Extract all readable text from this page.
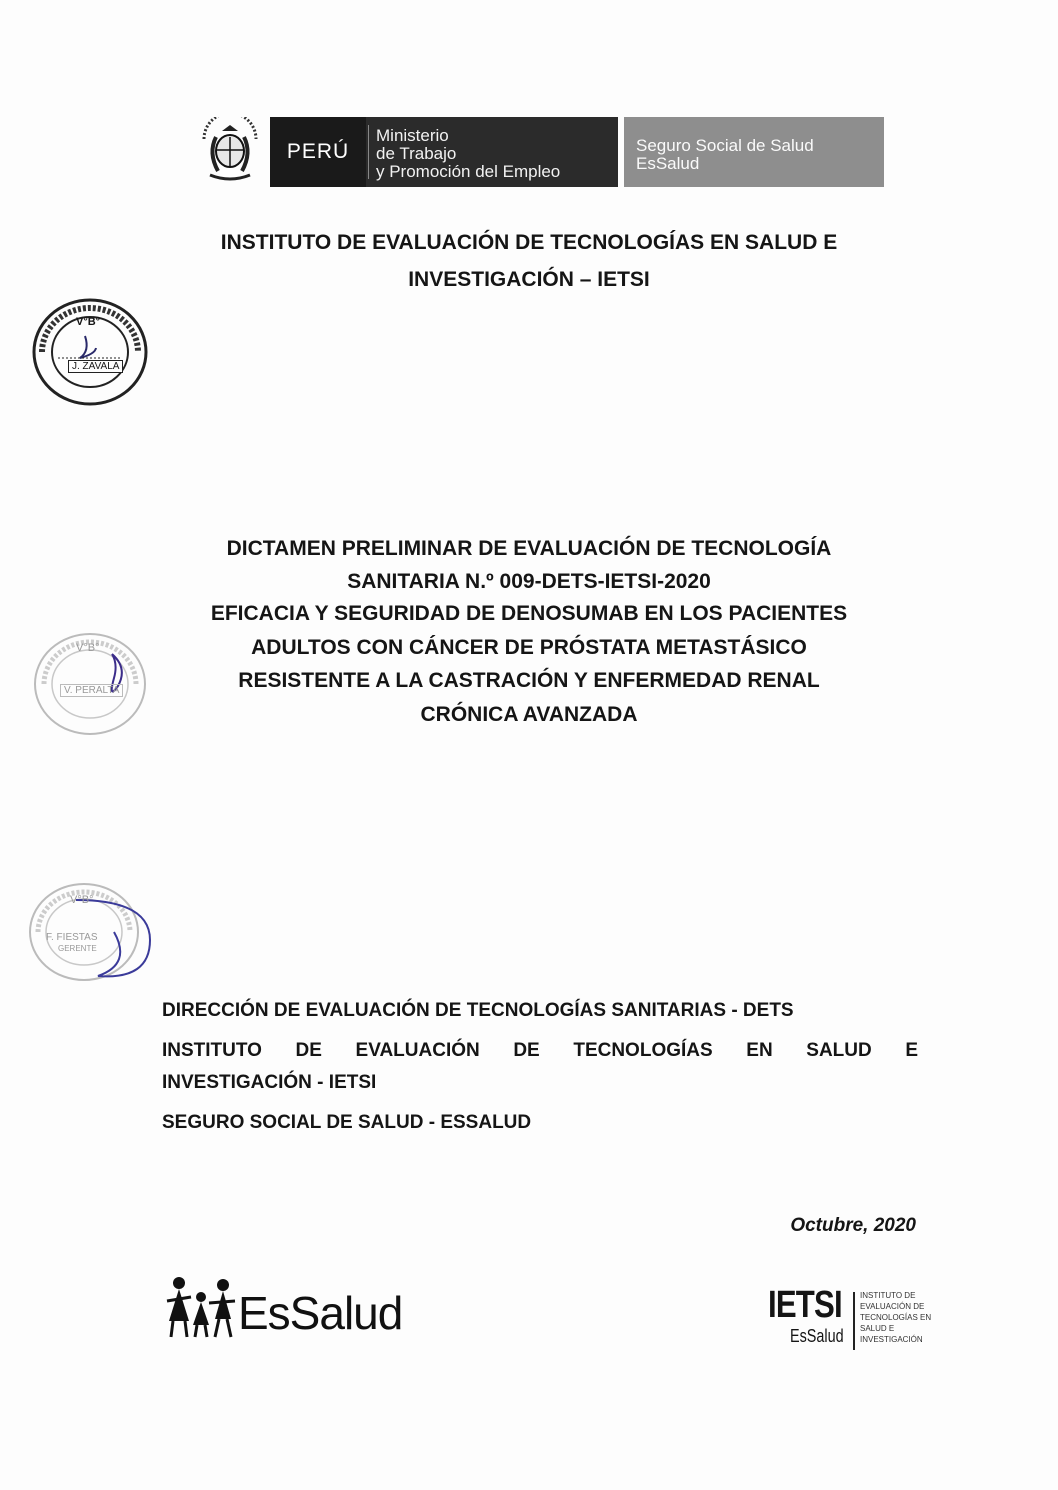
PERÚ
Ministerio
de Trabajo
y Promoción del Empleo
Seguro Social de Salud
EsSalud
INSTITUTO DE EVALUACIÓN DE TECNOLOGÍAS EN SALUD E
INVESTIGACIÓN – IETSI
V°B°
J. ZAVALA
DICTAMEN PRELIMINAR DE EVALUACIÓN DE TECNOLOGÍA
SANITARIA N.º 009-DETS-IETSI-2020
EFICACIA Y SEGURIDAD DE DENOSUMAB EN LOS PACIENTES
ADULTOS CON CÁNCER DE PRÓSTATA METASTÁSICO
RESISTENTE A LA CASTRACIÓN Y ENFERMEDAD RENAL
CRÓNICA AVANZADA
V°B°
V. PERALTA
V°B°
F. FIESTAS
GERENTE
DIRECCIÓN DE EVALUACIÓN DE TECNOLOGÍAS SANITARIAS - DETS
INSTITUTO DE EVALUACIÓN DE TECNOLOGÍAS EN SALUD E
INVESTIGACIÓN - IETSI
SEGURO SOCIAL DE SALUD - ESSALUD
Octubre, 2020
EsSalud	IETSI
EsSalud
INSTITUTO DE
EVALUACIÓN DE
TECNOLOGÍAS EN
SALUD E
INVESTIGACIÓN
